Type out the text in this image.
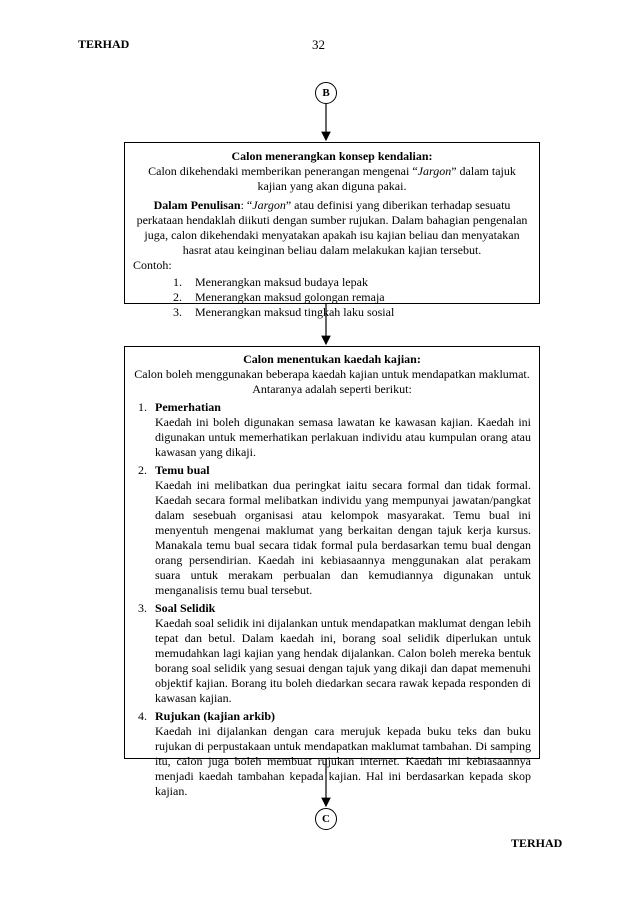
TERHAD	32
B

Calon menerangkan konsep kendalian:

Calon dikehendaki memberikan penerangan mengenai “Jargon” dalam tajuk kajian yang akan diguna pakai.

Dalam Penulisan: “Jargon” atau definisi yang diberikan terhadap sesuatu perkataan hendaklah diikuti dengan sumber rujukan. Dalam bahagian pengenalan juga, calon dikehendaki menyatakan apakah isu kajian beliau dan menyatakan hasrat atau keinginan beliau dalam melakukan kajian tersebut.

Contoh:

1.	Menerangkan maksud budaya lepak
2.	Menerangkan maksud golongan remaja
3.	Menerangkan maksud tingkah laku sosial

Calon menentukan kaedah kajian:

Calon boleh menggunakan beberapa kaedah kajian untuk mendapatkan maklumat. Antaranya adalah seperti berikut:

1. Pemerhatian
Kaedah ini boleh digunakan semasa lawatan ke kawasan kajian. Kaedah ini digunakan untuk memerhatikan perlakuan individu atau kumpulan orang atau kawasan yang dikaji.
2. Temu bual
Kaedah ini melibatkan dua peringkat iaitu secara formal dan tidak formal. Kaedah secara formal melibatkan individu yang mempunyai jawatan/pangkat dalam sesebuah organisasi atau kelompok masyarakat. Temu bual ini menyentuh mengenai maklumat yang berkaitan dengan tajuk kerja kursus. Manakala temu bual secara tidak formal pula berdasarkan temu bual dengan orang persendirian. Kaedah ini kebiasaannya menggunakan alat perakam suara untuk merakam perbualan dan kemudiannya digunakan untuk menganalisis temu bual tersebut.
3. Soal Selidik
Kaedah soal selidik ini dijalankan untuk mendapatkan maklumat dengan lebih tepat dan betul. Dalam kaedah ini, borang soal selidik diperlukan untuk memudahkan lagi kajian yang hendak dijalankan. Calon boleh mereka bentuk borang soal selidik yang sesuai dengan tajuk yang dikaji dan dapat memenuhi objektif kajian. Borang itu boleh diedarkan secara rawak kepada responden di kawasan kajian.
4. Rujukan (kajian arkib)
Kaedah ini dijalankan dengan cara merujuk kepada buku teks dan buku rujukan di perpustakaan untuk mendapatkan maklumat tambahan. Di samping itu, calon juga boleh membuat rujukan internet. Kaedah ini kebiasaannya menjadi kaedah tambahan kepada kajian. Hal ini berdasarkan kepada skop kajian.
C
TERHAD
